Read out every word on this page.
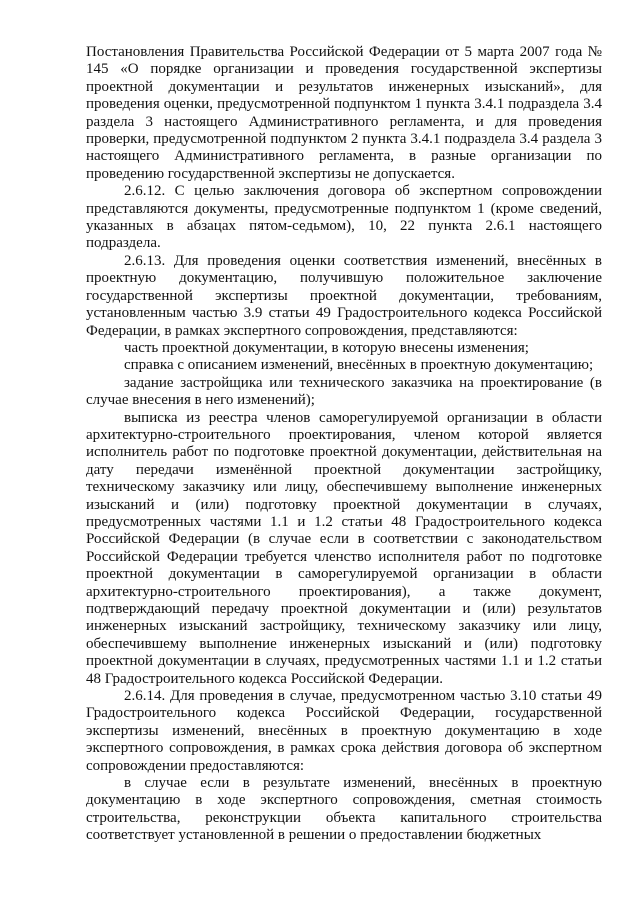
Постановления Правительства Российской Федерации от 5 марта 2007 года № 145 «О порядке организации и проведения государственной экспертизы проектной документации и результатов инженерных изысканий», для проведения оценки, предусмотренной подпунктом 1 пункта 3.4.1 подраздела 3.4 раздела 3 настоящего Административного регламента, и для проведения проверки, предусмотренной подпунктом 2 пункта 3.4.1 подраздела 3.4 раздела 3 настоящего Административного регламента, в разные организации по проведению государственной экспертизы не допускается.

2.6.12. С целью заключения договора об экспертном сопровождении представляются документы, предусмотренные подпунктом 1 (кроме сведений, указанных в абзацах пятом-седьмом), 10, 22 пункта 2.6.1 настоящего подраздела.

2.6.13. Для проведения оценки соответствия изменений, внесённых в проектную документацию, получившую положительное заключение государственной экспертизы проектной документации, требованиям, установленным частью 3.9 статьи 49 Градостроительного кодекса Российской Федерации, в рамках экспертного сопровождения, представляются:

часть проектной документации, в которую внесены изменения;

справка с описанием изменений, внесённых в проектную документацию;

задание застройщика или технического заказчика на проектирование (в случае внесения в него изменений);

выписка из реестра членов саморегулируемой организации в области архитектурно-строительного проектирования, членом которой является исполнитель работ по подготовке проектной документации, действительная на дату передачи изменённой проектной документации застройщику, техническому заказчику или лицу, обеспечившему выполнение инженерных изысканий и (или) подготовку проектной документации в случаях, предусмотренных частями 1.1 и 1.2 статьи 48 Градостроительного кодекса Российской Федерации (в случае если в соответствии с законодательством Российской Федерации требуется членство исполнителя работ по подготовке проектной документации в саморегулируемой организации в области архитектурно-строительного проектирования), а также документ, подтверждающий передачу проектной документации и (или) результатов инженерных изысканий застройщику, техническому заказчику или лицу, обеспечившему выполнение инженерных изысканий и (или) подготовку проектной документации в случаях, предусмотренных частями 1.1 и 1.2 статьи 48 Градостроительного кодекса Российской Федерации.

2.6.14. Для проведения в случае, предусмотренном частью 3.10 статьи 49 Градостроительного кодекса Российской Федерации, государственной экспертизы изменений, внесённых в проектную документацию в ходе экспертного сопровождения, в рамках срока действия договора об экспертном сопровождении предоставляются:

в случае если в результате изменений, внесённых в проектную документацию в ходе экспертного сопровождения, сметная стоимость строительства, реконструкции объекта капитального строительства соответствует установленной в решении о предоставлении бюджетных
